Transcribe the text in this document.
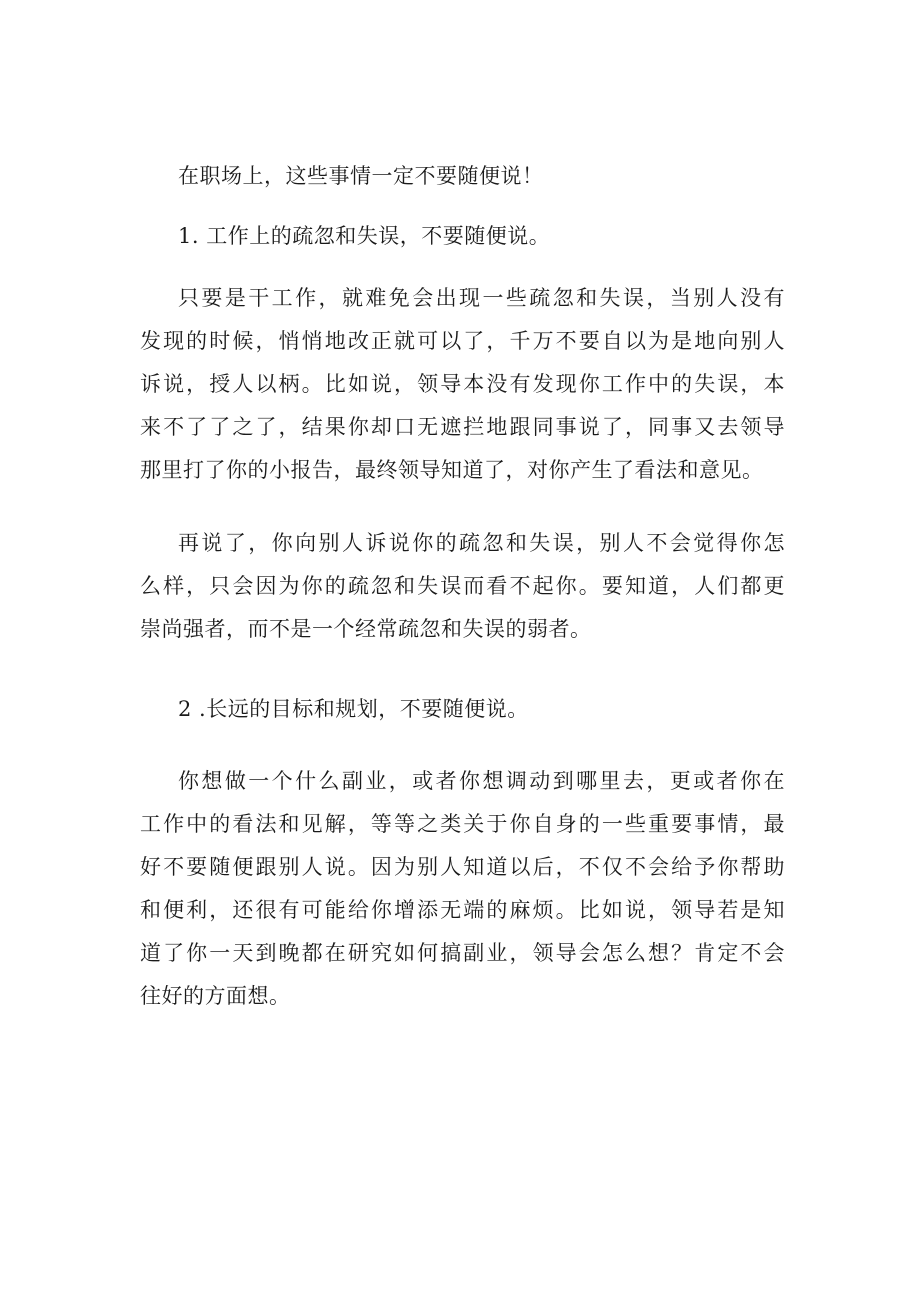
在职场上，这些事情一定不要随便说！
1. 工作上的疏忽和失误，不要随便说。
只要是干工作，就难免会出现一些疏忽和失误，当别人没有
发现的时候，悄悄地改正就可以了，千万不要自以为是地向别人
诉说，授人以柄。比如说，领导本没有发现你工作中的失误，本
来不了了之了，结果你却口无遮拦地跟同事说了，同事又去领导
那里打了你的小报告，最终领导知道了，对你产生了看法和意见。
再说了，你向别人诉说你的疏忽和失误，别人不会觉得你怎
么样，只会因为你的疏忽和失误而看不起你。要知道，人们都更
崇尚强者，而不是一个经常疏忽和失误的弱者。
2 .长远的目标和规划，不要随便说。
你想做一个什么副业，或者你想调动到哪里去，更或者你在
工作中的看法和见解，等等之类关于你自身的一些重要事情，最
好不要随便跟别人说。因为别人知道以后，不仅不会给予你帮助
和便利，还很有可能给你增添无端的麻烦。比如说，领导若是知
道了你一天到晚都在研究如何搞副业，领导会怎么想？肯定不会
往好的方面想。
